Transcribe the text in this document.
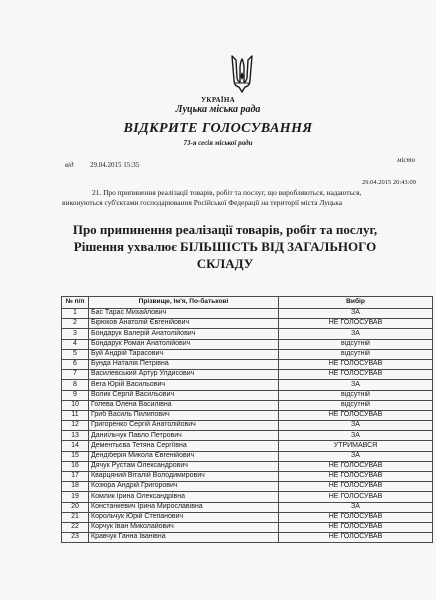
УКРАЇНА
Луцька міська рада
ВІДКРИТЕ ГОЛОСУВАННЯ
73-я сесія міської ради
від 29.04.2015 15:35
місто
29.04.2015 20:43:09
21. Про припинення реалізації товарів, робіт та послуг, що виробляються, надаються,
виконуються суб'єктами господарювання Російської Федерації на території міста Луцька
Про припинення реалізації товарів, робіт та послуг,
Рішення ухвалює БІЛЬШІСТЬ ВІД ЗАГАЛЬНОГО
СКЛАДУ
№ п/п	Прізвище, Ім'я, По-батькові	Вибір
1	Бас Тарас Михайлович	ЗА
2	Бірюков Анатолій Євгенійович	НЕ ГОЛОСУВАВ
3	Бондарук Валерій Анатолійович	ЗА
4	Бондарук Роман Анатолійович	відсутній
5	Буй Андрій Тарасович	відсутній
6	Бунда Наталія Петрівна	НЕ ГОЛОСУВАВ
7	Василевський Артур Улдисович	НЕ ГОЛОСУВАВ
8	Вега Юрій Васильович	ЗА
9	Волик Сергій Васильович	відсутній
10	Голева Олена Василівна	відсутній
11	Гриб Василь Пилипович	НЕ ГОЛОСУВАВ
12	Григоренко Сергій Анатолійович	ЗА
13	Даниільчук Павло Петрович	ЗА
14	Дементьєва Тетяна Сергіївна	УТРИМАВСЯ
15	Дендіберія Микола Євгенійович	ЗА
16	Дячук Рустам Олександрович	НЕ ГОЛОСУВАВ
17	Кварцяний Віталій Володимирович	НЕ ГОЛОСУВАВ
18	Козюра Андрій Григорович	НЕ ГОЛОСУВАВ
19	Комлик Ірина Олександрівна	НЕ ГОЛОСУВАВ
20	Констанкевич Ірина Мирославівна	ЗА
21	Корольчук Юрій Степанович	НЕ ГОЛОСУВАВ
22	Корчук Іван Миколайович	НЕ ГОЛОСУВАВ
23	Кравчук Ганна Іванівна	НЕ ГОЛОСУВАВ
